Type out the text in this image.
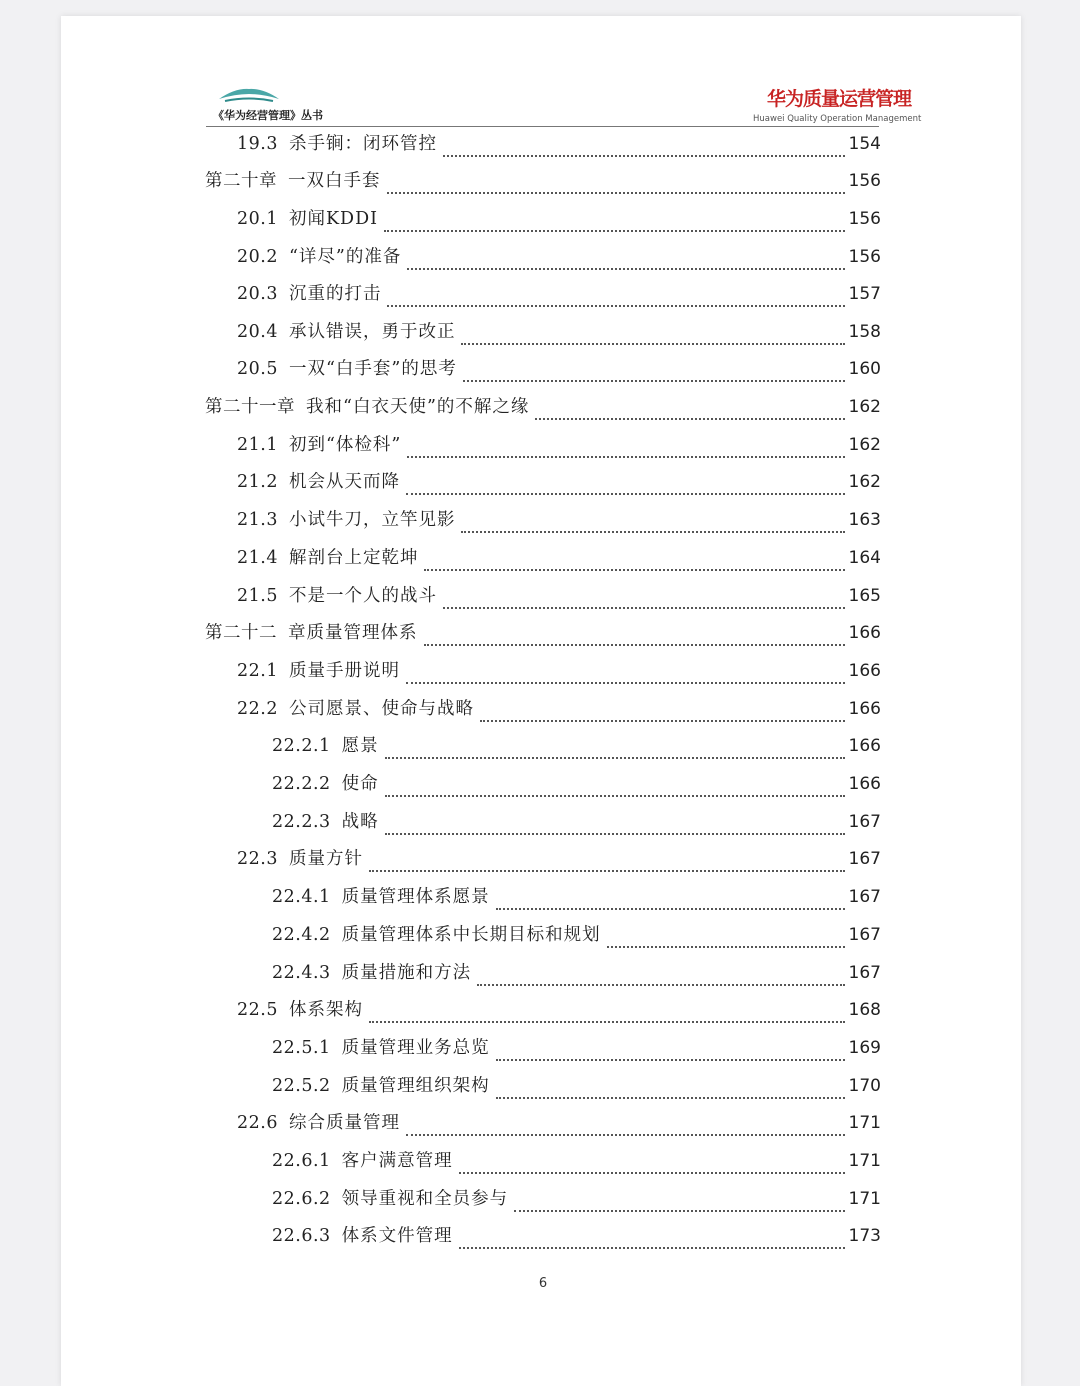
《华为经营管理》丛书
华为质量运营管理
Huawei Quality Operation Management
19.3 杀手锏：闭环管控	154
第二十章 一双白手套	156
20.1 初闻KDDI	156
20.2 “详尽”的准备	156
20.3 沉重的打击	157
20.4 承认错误，勇于改正	158
20.5 一双“白手套”的思考	160
第二十一章 我和“白衣天使”的不解之缘	162
21.1 初到“体检科”	162
21.2 机会从天而降	162
21.3 小试牛刀，立竿见影	163
21.4 解剖台上定乾坤	164
21.5 不是一个人的战斗	165
第二十二 章质量管理体系	166
22.1 质量手册说明	166
22.2 公司愿景、使命与战略	166
22.2.1 愿景	166
22.2.2 使命	166
22.2.3 战略	167
22.3 质量方针	167
22.4.1 质量管理体系愿景	167
22.4.2 质量管理体系中长期目标和规划	167
22.4.3 质量措施和方法	167
22.5 体系架构	168
22.5.1 质量管理业务总览	169
22.5.2 质量管理组织架构	170
22.6 综合质量管理	171
22.6.1 客户满意管理	171
22.6.2 领导重视和全员参与	171
22.6.3 体系文件管理	173
6
